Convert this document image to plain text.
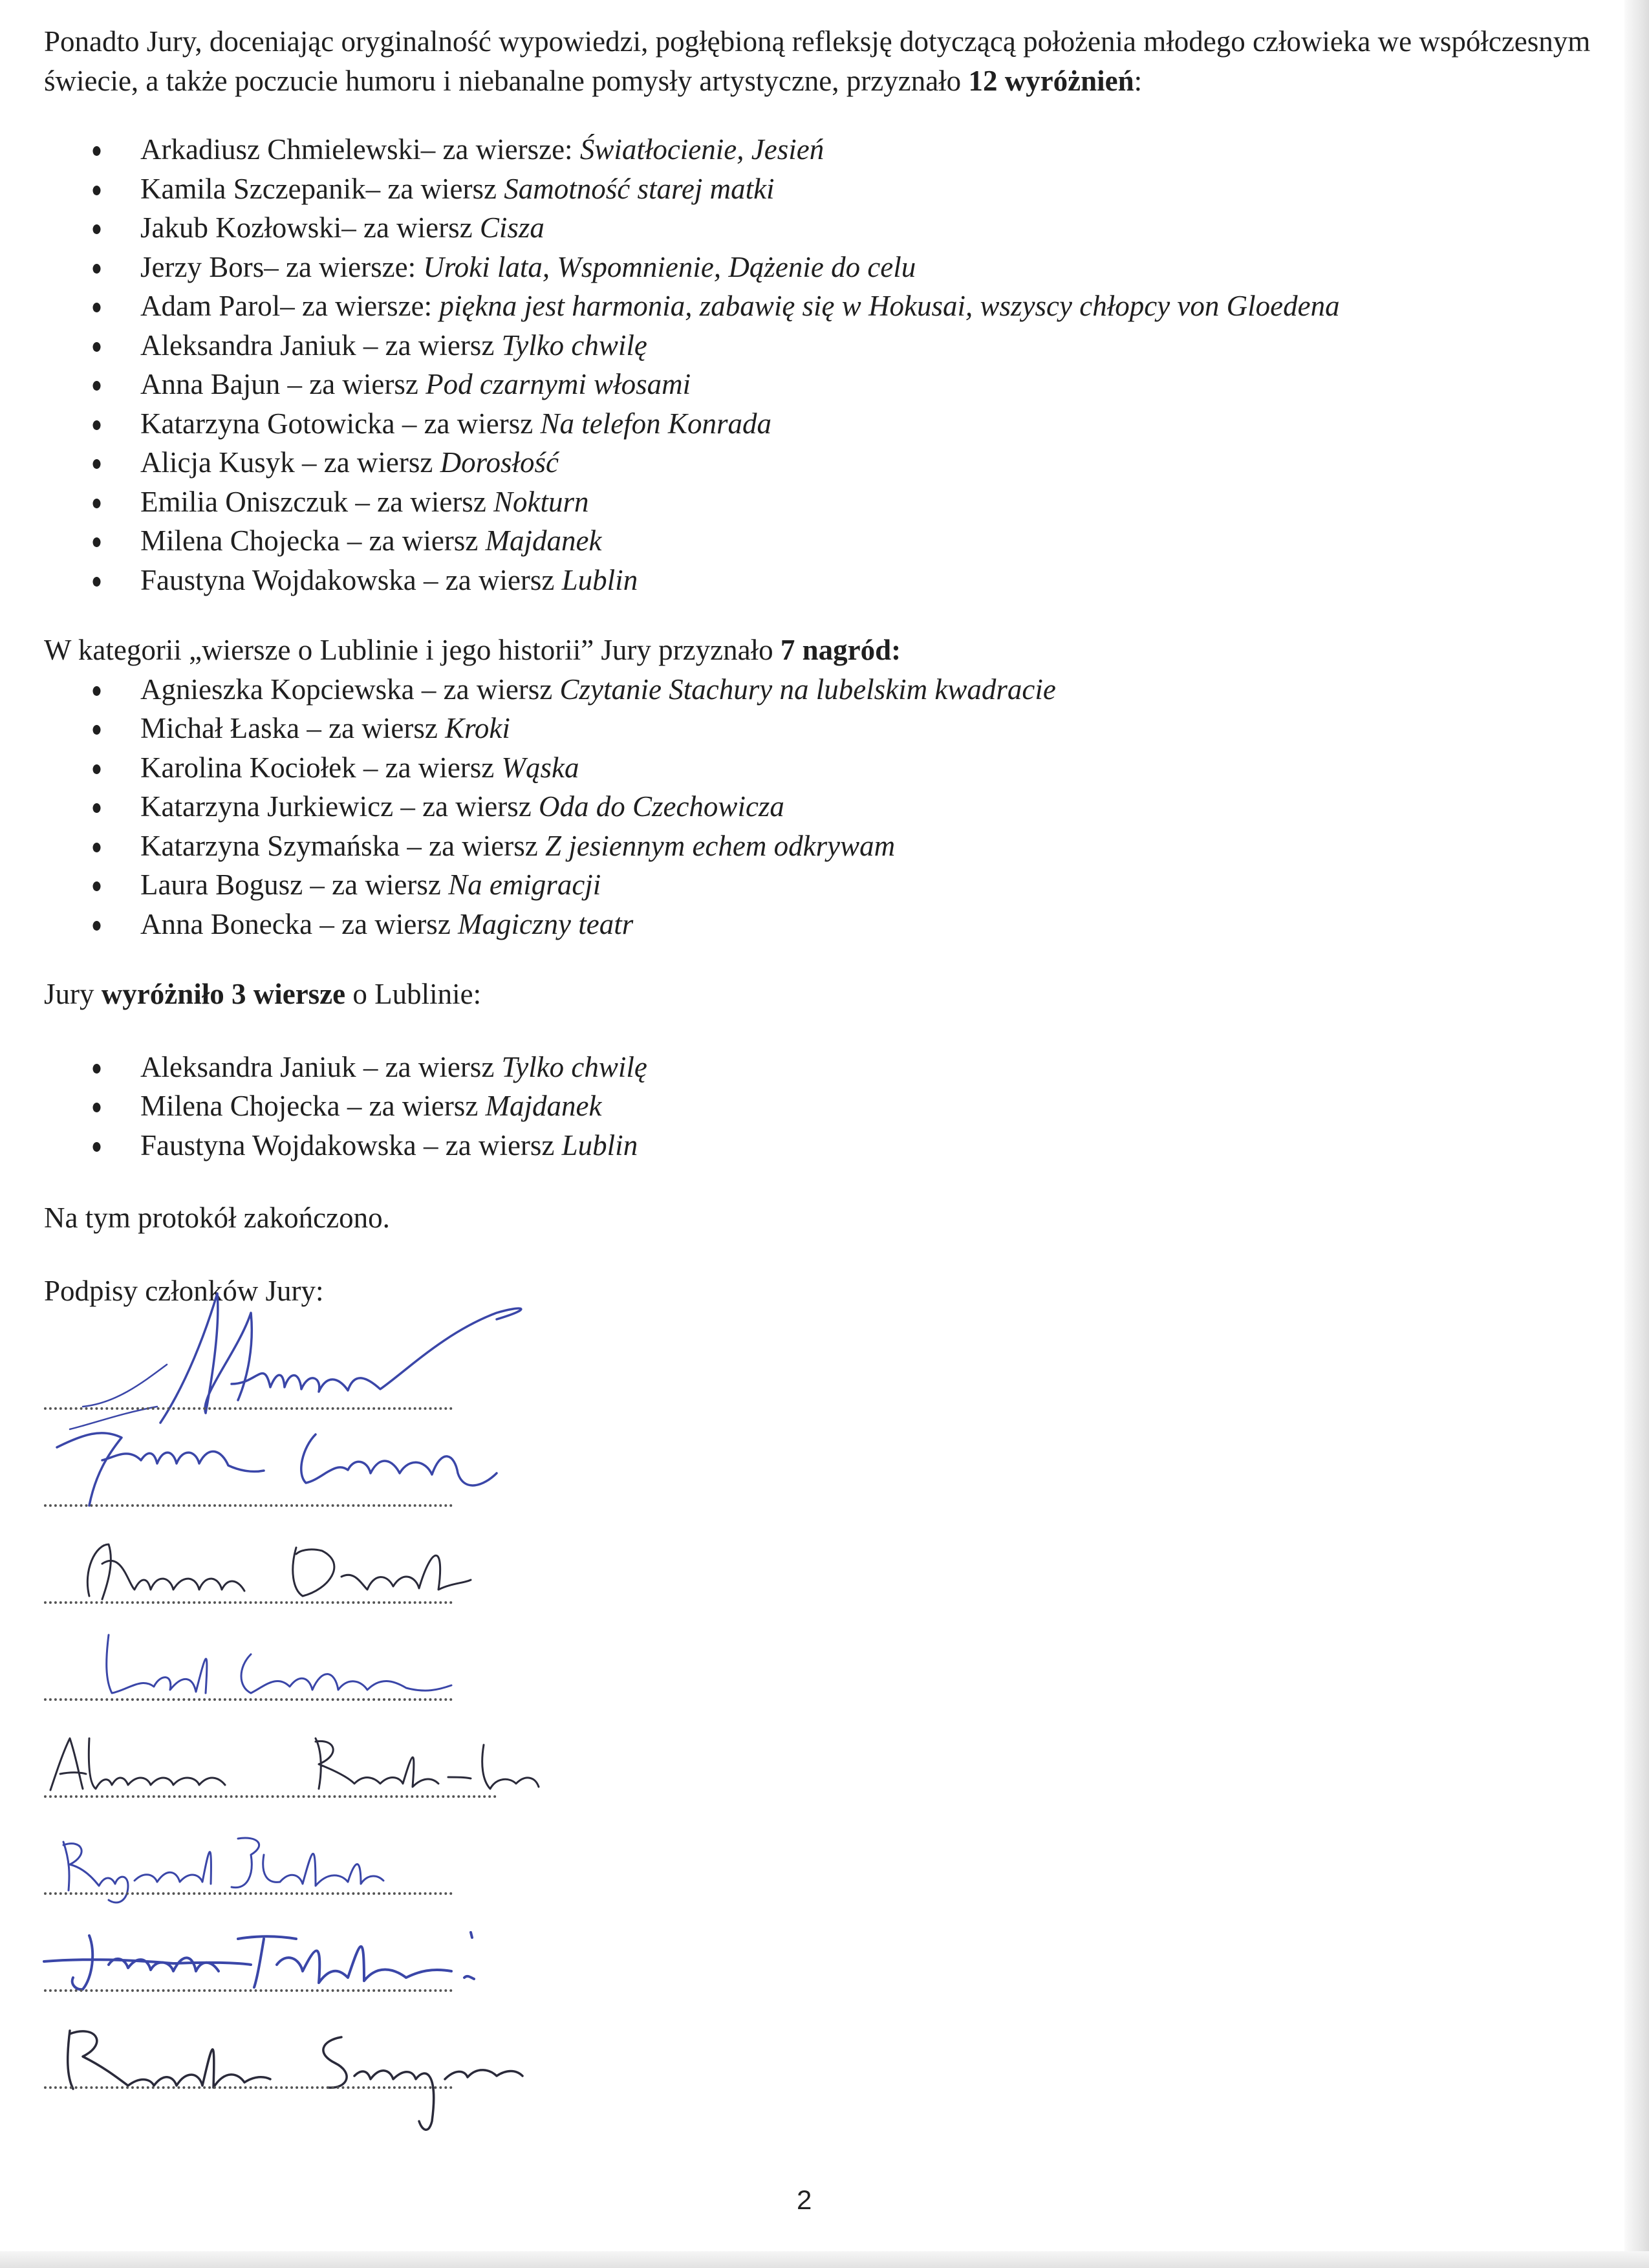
Ponadto Jury, doceniając oryginalność wypowiedzi, pogłębioną refleksję dotyczącą położenia młodego człowieka we współczesnym świecie, a także poczucie humoru i niebanalne pomysły artystyczne, przyznało 12 wyróżnień:

Arkadiusz Chmielewski– za wiersze: Światłocienie, Jesień
Kamila Szczepanik– za wiersz Samotność starej matki
Jakub Kozłowski– za wiersz Cisza
Jerzy Bors– za wiersze: Uroki lata, Wspomnienie, Dążenie do celu
Adam Parol– za wiersze: piękna jest harmonia, zabawię się w Hokusai, wszyscy chłopcy von Gloedena
Aleksandra Janiuk – za wiersz Tylko chwilę
Anna Bajun – za wiersz Pod czarnymi włosami
Katarzyna Gotowicka – za wiersz Na telefon Konrada
Alicja Kusyk – za wiersz Dorosłość
Emilia Oniszczuk – za wiersz Nokturn
Milena Chojecka – za wiersz Majdanek
Faustyna Wojdakowska – za wiersz Lublin

W kategorii „wiersze o Lublinie i jego historii” Jury przyznało 7 nagród:

Agnieszka Kopciewska – za wiersz Czytanie Stachury na lubelskim kwadracie
Michał Łaska – za wiersz Kroki
Karolina Kociołek – za wiersz Wąska
Katarzyna Jurkiewicz – za wiersz Oda do Czechowicza
Katarzyna Szymańska – za wiersz Z jesiennym echem odkrywam
Laura Bogusz – za wiersz Na emigracji
Anna Bonecka – za wiersz Magiczny teatr

Jury wyróżniło 3 wiersze o Lublinie:

Aleksandra Janiuk – za wiersz Tylko chwilę
Milena Chojecka – za wiersz Majdanek
Faustyna Wojdakowska – za wiersz Lublin

Na tym protokół zakończono.

Podpisy członków Jury:

2
